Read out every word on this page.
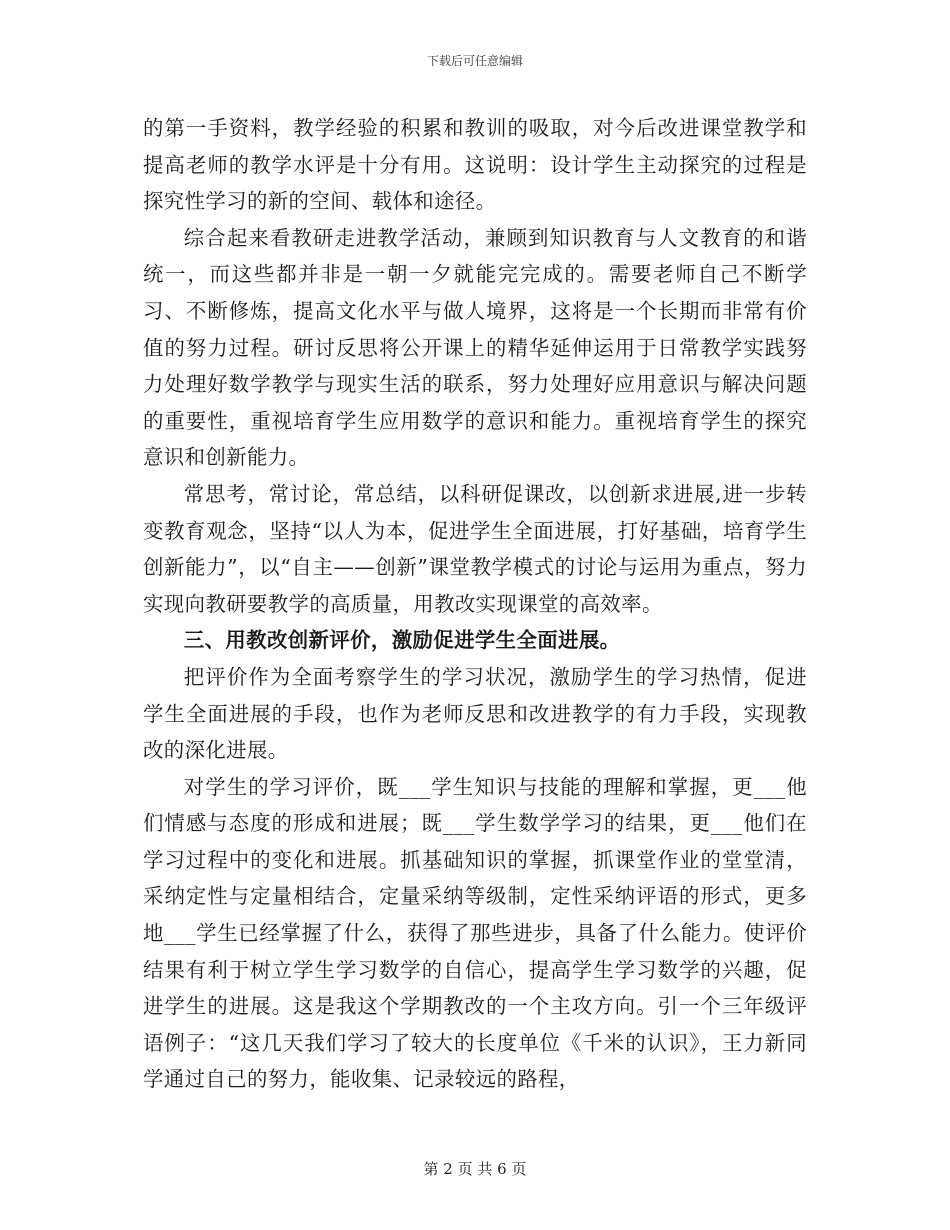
下载后可任意编辑

的第一手资料，教学经验的积累和教训的吸取，对今后改进课堂教学和提高老师的教学水评是十分有用。这说明：设计学生主动探究的过程是探究性学习的新的空间、载体和途径。

综合起来看教研走进教学活动，兼顾到知识教育与人文教育的和谐统一，而这些都并非是一朝一夕就能完完成的。需要老师自己不断学习、不断修炼，提高文化水平与做人境界，这将是一个长期而非常有价值的努力过程。研讨反思将公开课上的精华延伸运用于日常教学实践努力处理好数学教学与现实生活的联系，努力处理好应用意识与解决问题的重要性，重视培育学生应用数学的意识和能力。重视培育学生的探究意识和创新能力。

常思考，常讨论，常总结，以科研促课改，以创新求进展,进一步转变教育观念，坚持“以人为本，促进学生全面进展，打好基础，培育学生创新能力”，以“自主——创新”课堂教学模式的讨论与运用为重点，努力实现向教研要教学的高质量，用教改实现课堂的高效率。

三、用教改创新评价，激励促进学生全面进展。

把评价作为全面考察学生的学习状况，激励学生的学习热情，促进学生全面进展的手段，也作为老师反思和改进教学的有力手段，实现教改的深化进展。

对学生的学习评价，既___学生知识与技能的理解和掌握，更___他们情感与态度的形成和进展；既___学生数学学习的结果，更___他们在学习过程中的变化和进展。抓基础知识的掌握，抓课堂作业的堂堂清，采纳定性与定量相结合，定量采纳等级制，定性采纳评语的形式，更多地___学生已经掌握了什么，获得了那些进步，具备了什么能力。使评价结果有利于树立学生学习数学的自信心，提高学生学习数学的兴趣，促进学生的进展。这是我这个学期教改的一个主攻方向。引一个三年级评语例子：“这几天我们学习了较大的长度单位《千米的认识》，王力新同学通过自己的努力，能收集、记录较远的路程，

第 2 页 共 6 页
